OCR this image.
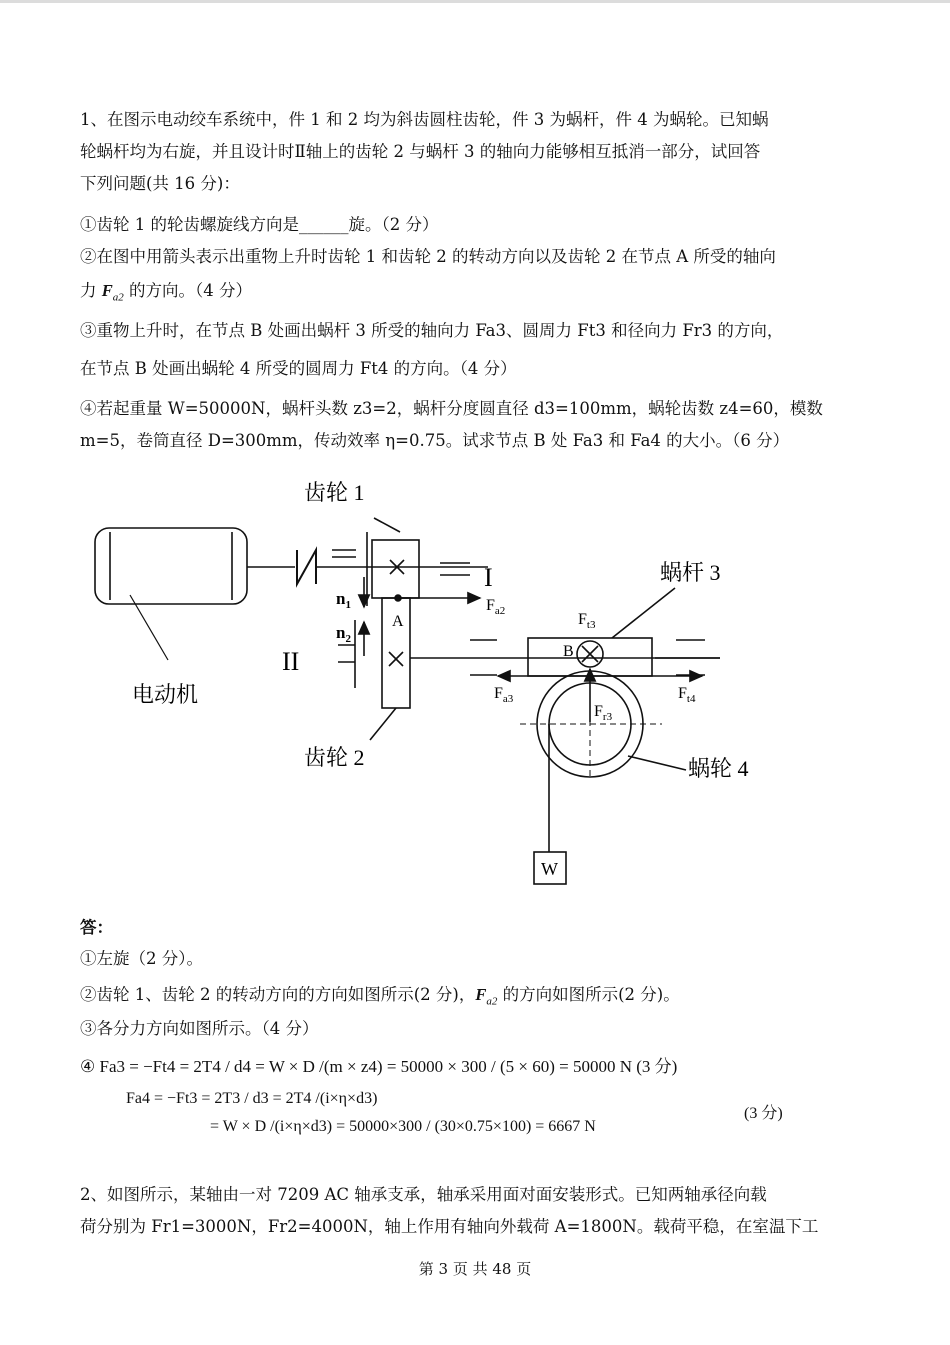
1、在图示电动绞车系统中，件 1 和 2 均为斜齿圆柱齿轮，件 3 为蜗杆，件 4 为蜗轮。已知蜗
轮蜗杆均为右旋，并且设计时Ⅱ轴上的齿轮 2 与蜗杆 3 的轴向力能够相互抵消一部分，试回答
下列问题(共 16 分)：
①齿轮 1 的轮齿螺旋线方向是______旋。（2 分）
②在图中用箭头表示出重物上升时齿轮 1 和齿轮 2 的转动方向以及齿轮 2 在节点 A 所受的轴向
力 $F_{a2}$ 的方向。（4 分）
③重物上升时，在节点 B 处画出蜗杆 3 所受的轴向力 Fa3、圆周力 Ft3 和径向力 Fr3 的方向，
在节点 B 处画出蜗轮 4 所受的圆周力 Ft4 的方向。（4 分）
④若起重量 W=50000N，蜗杆头数 z3=2，蜗杆分度圆直径 d3=100mm，蜗轮齿数 z4=60，模数
m=5，卷筒直径 D=300mm，传动效率 η=0.75。试求节点 B 处 Fa3 和 Fa4 的大小。（6 分）
齿轮 1
齿轮 2
蜗杆 3
蜗轮 4
电动机
I
II
$n_1$
$n_2$
A
B
$F_{a2}$	$F_{t3}$
$F_{a3}$	$F_{t4}$
$F_{r3}$
W
N
答：
①左旋（2 分）。
②齿轮 1、齿轮 2 的转动方向的方向如图所示(2 分)，$F_{a2}$ 的方向如图所示(2 分)。
③各分力方向如图所示。（4 分）
④ Fa3 = −Ft4 = 2T4 / d4 = W × D /(m × z4) = 50000 × 300 / (5 × 60) = 50000 N (3 分)
Fa4 = −Ft3 = 2T3 / d3 = 2T4 /(i×η×d3)
= W × D /(i×η×d3) = 50000×300 / (30×0.75×100) = 6667 N
(3 分)
2、如图所示，某轴由一对 7209 AC 轴承支承，轴承采用面对面安装形式。已知两轴承径向载
荷分别为 Fr1=3000N，Fr2=4000N，轴上作用有轴向外载荷 A=1800N。载荷平稳，在室温下工
第 3 页 共 48 页
